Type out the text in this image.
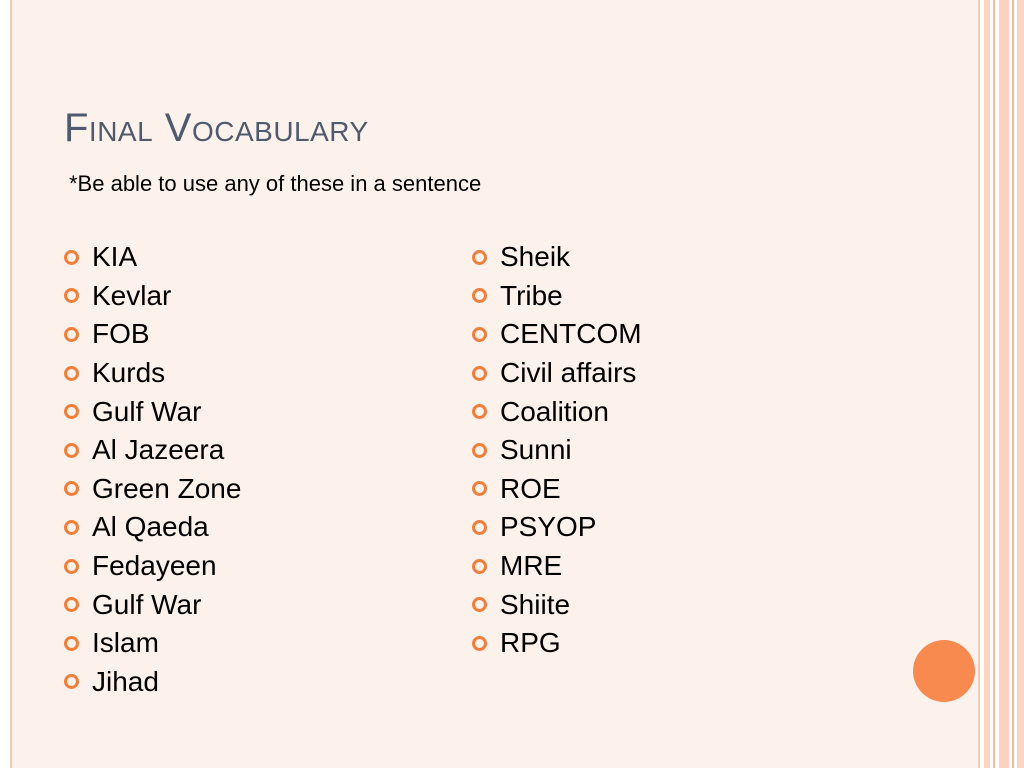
Final Vocabulary
*Be able to use any of these in a sentence
KIA
Kevlar
FOB
Kurds
Gulf War
Al Jazeera
Green Zone
Al Qaeda
Fedayeen
Gulf War
Islam
Jihad
Sheik
Tribe
CENTCOM
Civil affairs
Coalition
Sunni
ROE
PSYOP
MRE
Shiite
RPG
